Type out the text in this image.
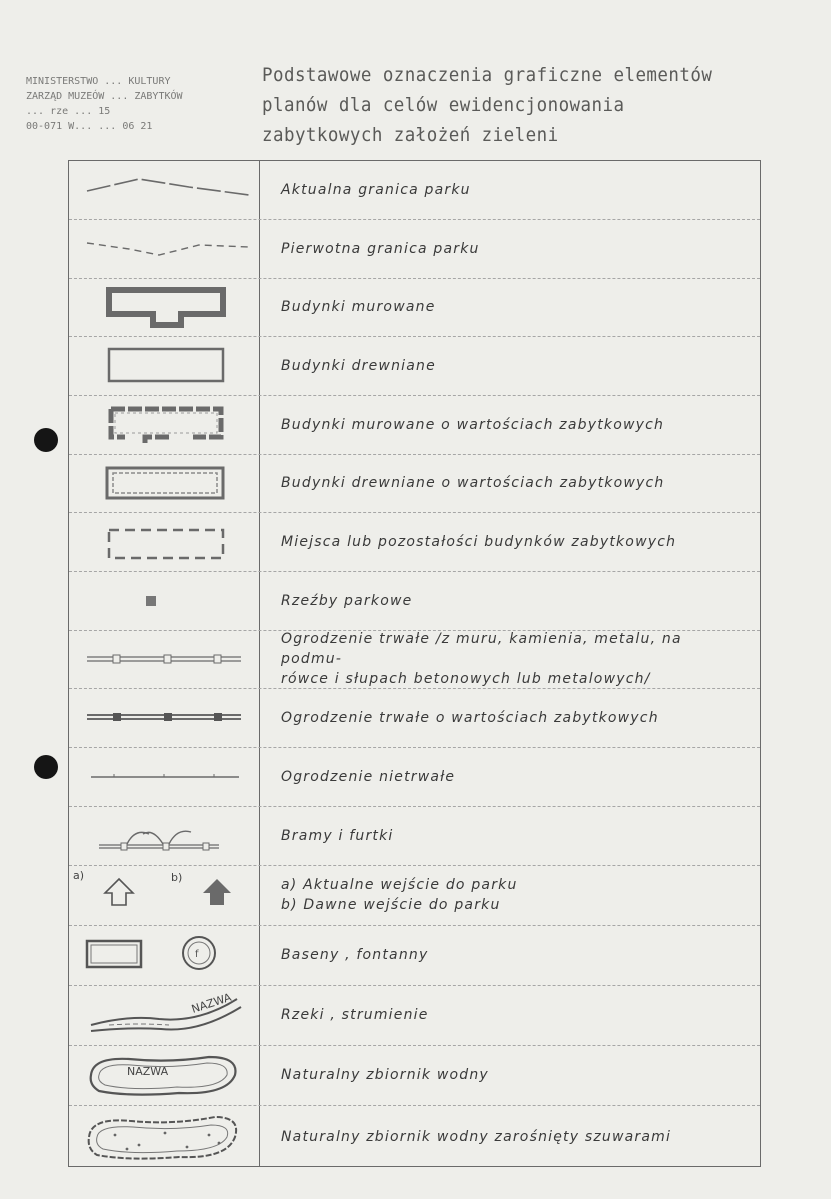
MINISTERSTWO ... KULTURY
ZARZĄD MUZEÓW ... ZABYTKÓW
... rze ... 15
00-071 W... ... 06 21
Podstawowe oznaczenia graficzne elementów
planów dla celów ewidencjonowania
zabytkowych założeń zieleni
Aktualna granica parku
Pierwotna granica parku
Budynki murowane
Budynki drewniane
Budynki murowane o wartościach zabytkowych
Budynki drewniane o wartościach zabytkowych
Miejsca lub pozostałości budynków zabytkowych
Rzeźby parkowe
Ogrodzenie trwałe /z muru, kamienia, metalu, na podmu-
rówce i słupach betonowych lub metalowych/
Ogrodzenie trwałe o wartościach zabytkowych
Ogrodzenie nietrwałe
Bramy i furtki
a)	b)	a) Aktualne wejście do parku
b) Dawne wejście do parku
f	Baseny , fontanny
NAZWA	Rzeki , strumienie
NAZWA	Naturalny zbiornik wodny
Naturalny zbiornik wodny zarośnięty szuwarami
